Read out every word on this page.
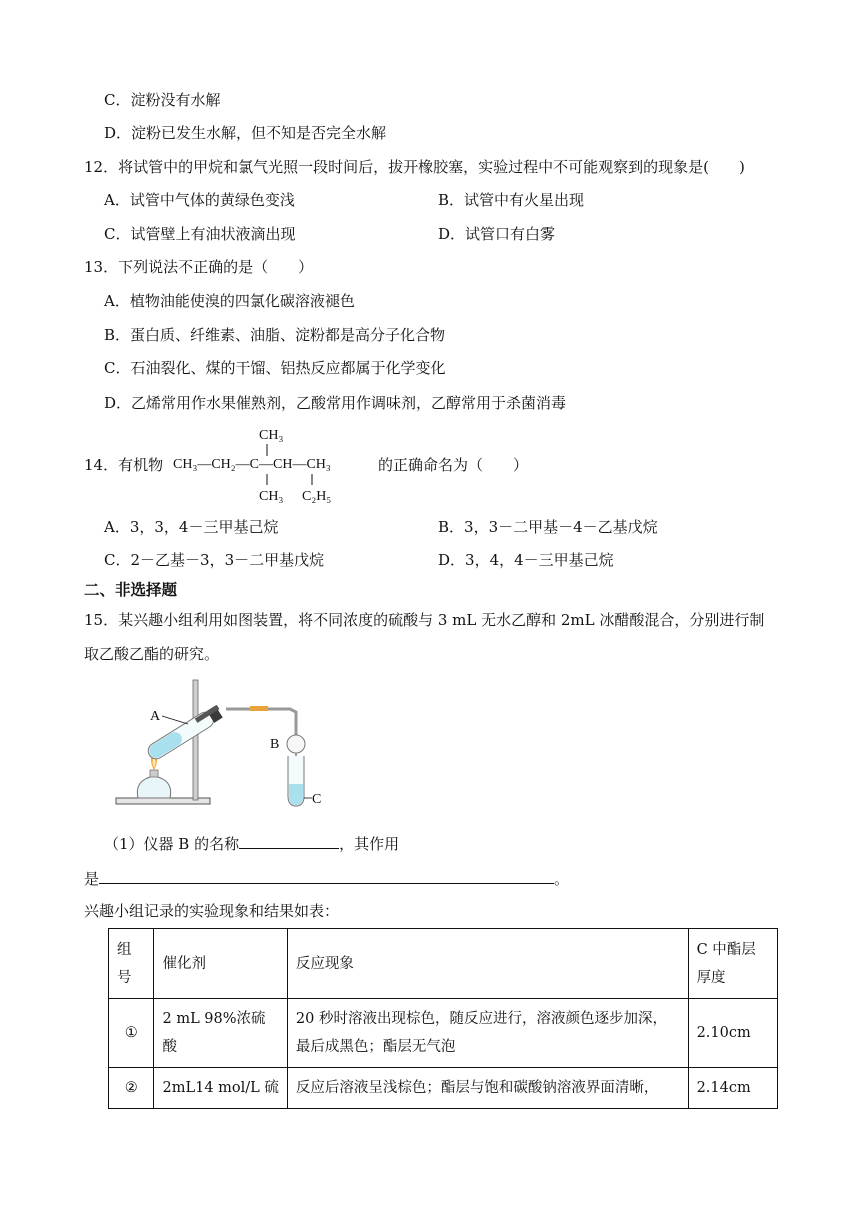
C．淀粉没有水解
D．淀粉已发生水解，但不知是否完全水解
12．将试管中的甲烷和氯气光照一段时间后，拔开橡胶塞，实验过程中不可能观察到的现象是(　　)
A．试管中气体的黄绿色变浅	B．试管中有火星出现
C．试管壁上有油状液滴出现	D．试管口有白雾
13．下列说法不正确的是（　　）
A．植物油能使溴的四氯化碳溶液褪色
B．蛋白质、纤维素、油脂、淀粉都是高分子化合物
C．石油裂化、煤的干馏、铝热反应都属于化学变化
D．乙烯常用作水果催熟剂，乙酸常用作调味剂，乙醇常用于杀菌消毒
14．有机物
CH₃
CH₃—CH₂—C—CH—CH₃
CH₃ C₂H₅
的正确命名为（　　）
A．3，3，4－三甲基己烷	B．3，3－二甲基－4－乙基戊烷
C．2－乙基－3，3－二甲基戊烷	D．3，4，4－三甲基己烷
二、非选择题
15．某兴趣小组利用如图装置，将不同浓度的硫酸与 3 mL 无水乙醇和 2mL 冰醋酸混合，分别进行制
取乙酸乙酯的研究。
A
B
C
（1）仪器 B 的名称	，其作用
是	。
兴趣小组记录的实验现象和结果如表：
组号	催化剂	反应现象	C 中酯层厚度
①	2 mL 98%浓硫酸	20 秒时溶液出现棕色，随反应进行，溶液颜色逐步加深，最后成黑色；酯层无气泡	2.10cm
②	2mL14 mol/L 硫	反应后溶液呈浅棕色；酯层与饱和碳酸钠溶液界面清晰，	2.14cm
